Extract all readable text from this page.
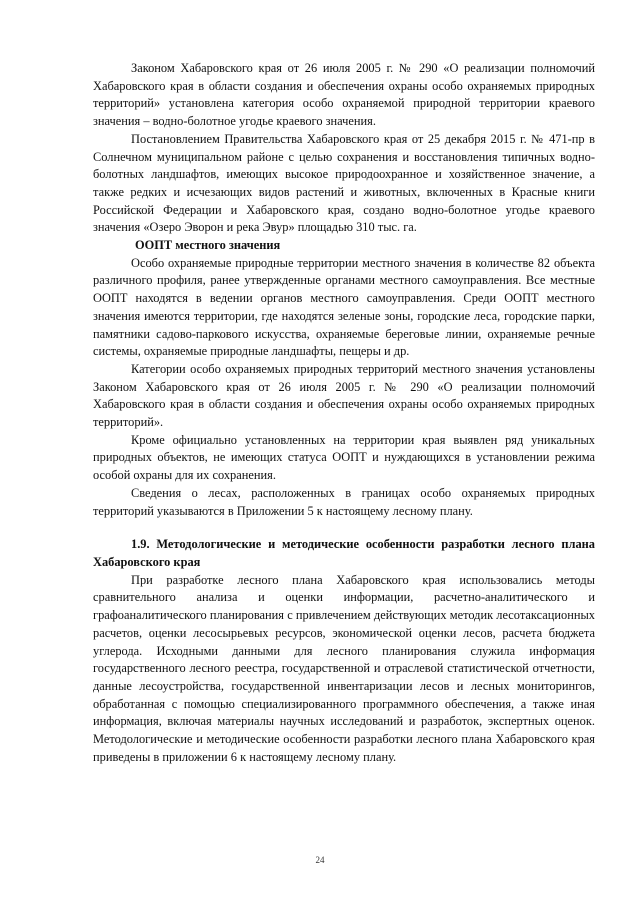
Законом Хабаровского края от 26 июля 2005 г. № 290 «О реализации полномочий Хабаровского края в области создания и обеспечения охраны особо охраняемых природных территорий» установлена категория особо охраняемой природной территории краевого значения – водно-болотное угодье краевого значения.

Постановлением Правительства Хабаровского края от 25 декабря 2015 г. № 471-пр в Солнечном муниципальном районе с целью сохранения и восстановления типичных водно-болотных ландшафтов, имеющих высокое природоохранное и хозяйственное значение, а также редких и исчезающих видов растений и животных, включенных в Красные книги Российской Федерации и Хабаровского края, создано водно-болотное угодье краевого значения «Озеро Эворон и река Эвур» площадью 310 тыс. га.

ООПТ местного значения

Особо охраняемые природные территории местного значения в количестве 82 объекта различного профиля, ранее утвержденные органами местного самоуправления. Все местные ООПТ находятся в ведении органов местного самоуправления. Среди ООПТ местного значения имеются территории, где находятся зеленые зоны, городские леса, городские парки, памятники садово-паркового искусства, охраняемые береговые линии, охраняемые речные системы, охраняемые природные ландшафты, пещеры и др.

Категории особо охраняемых природных территорий местного значения установлены Законом Хабаровского края от 26 июля 2005 г. № 290 «О реализации полномочий Хабаровского края в области создания и обеспечения охраны особо охраняемых природных территорий».

Кроме официально установленных на территории края выявлен ряд уникальных природных объектов, не имеющих статуса ООПТ и нуждающихся в установлении режима особой охраны для их сохранения.

Сведения о лесах, расположенных в границах особо охраняемых природных территорий указываются в Приложении 5 к настоящему лесному плану.

1.9. Методологические и методические особенности разработки лесного плана Хабаровского края

При разработке лесного плана Хабаровского края использовались методы сравнительного анализа и оценки информации, расчетно-аналитического и графоаналитического планирования с привлечением действующих методик лесотаксационных расчетов, оценки лесосырьевых ресурсов, экономической оценки лесов, расчета бюджета углерода. Исходными данными для лесного планирования служила информация государственного лесного реестра, государственной и отраслевой статистической отчетности, данные лесоустройства, государственной инвентаризации лесов и лесных мониторингов, обработанная с помощью специализированного программного обеспечения, а также иная информация, включая материалы научных исследований и разработок, экспертных оценок. Методологические и методические особенности разработки лесного плана Хабаровского края приведены в приложении 6 к настоящему лесному плану.

24
